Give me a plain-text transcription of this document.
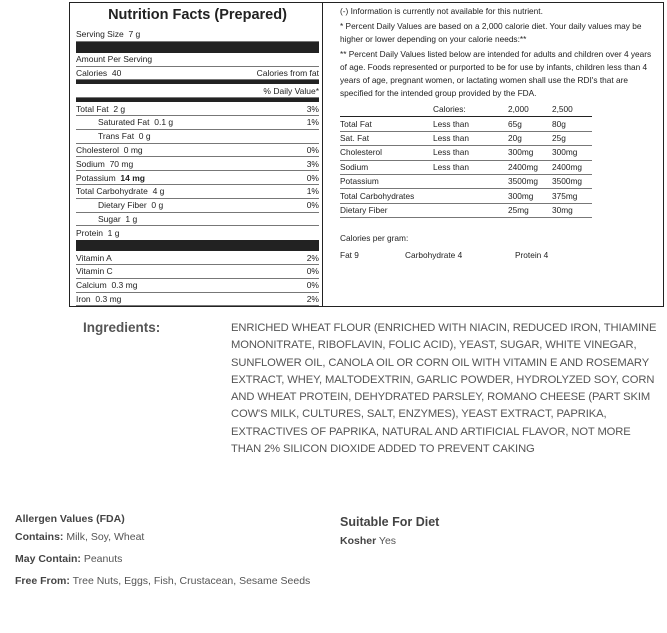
Nutrition Facts (Prepared)
Serving Size 7 g
Amount Per Serving
Calories 40	Calories from fat
% Daily Value*
Total Fat 2 g	3%
Saturated Fat 0.1 g	1%
Trans Fat 0 g
Cholesterol 0 mg	0%
Sodium 70 mg	3%
Potassium 14 mg	0%
Total Carbohydrate 4 g	1%
Dietary Fiber 0 g	0%
Sugar 1 g
Protein 1 g
Vitamin A	2%
Vitamin C	0%
Calcium 0.3 mg	0%
Iron 0.3 mg	2%

(-) Information is currently not available for this nutrient.

* Percent Daily Values are based on a 2,000 calorie diet. Your daily values may be higher or lower depending on your calorie needs:**

** Percent Daily Values listed below are intended for adults and children over 4 years of age. Foods represented or purported to be for use by infants, children less than 4 years of age, pregnant women, or lactating women shall use the RDI's that are specified for the intended group provided by the FDA.

	Calories:	2,000	2,500
Total Fat	Less than	65g	80g
Sat. Fat	Less than	20g	25g
Cholesterol	Less than	300mg	300mg
Sodium	Less than	2400mg	2400mg
Potassium		3500mg	3500mg
Total Carbohydrates		300mg	375mg
Dietary Fiber		25mg	30mg
Calories per gram:
Fat 9	Carbohydrate 4	Protein 4
Ingredients:	ENRICHED WHEAT FLOUR (ENRICHED WITH NIACIN, REDUCED IRON, THIAMINE MONONITRATE, RIBOFLAVIN, FOLIC ACID), YEAST, SUGAR, WHITE VINEGAR, SUNFLOWER OIL, CANOLA OIL OR CORN OIL WITH VITAMIN E AND ROSEMARY EXTRACT, WHEY, MALTODEXTRIN, GARLIC POWDER, HYDROLYZED SOY, CORN AND WHEAT PROTEIN, DEHYDRATED PARSLEY, ROMANO CHEESE (PART SKIM COW'S MILK, CULTURES, SALT, ENZYMES), YEAST EXTRACT, PAPRIKA, EXTRACTIVES OF PAPRIKA, NATURAL AND ARTIFICIAL FLAVOR, NOT MORE THAN 2% SILICON DIOXIDE ADDED TO PREVENT CAKING
Allergen Values (FDA)
Contains: Milk, Soy, Wheat
May Contain: Peanuts
Free From: Tree Nuts, Eggs, Fish, Crustacean, Sesame Seeds
Suitable For Diet
Kosher Yes
